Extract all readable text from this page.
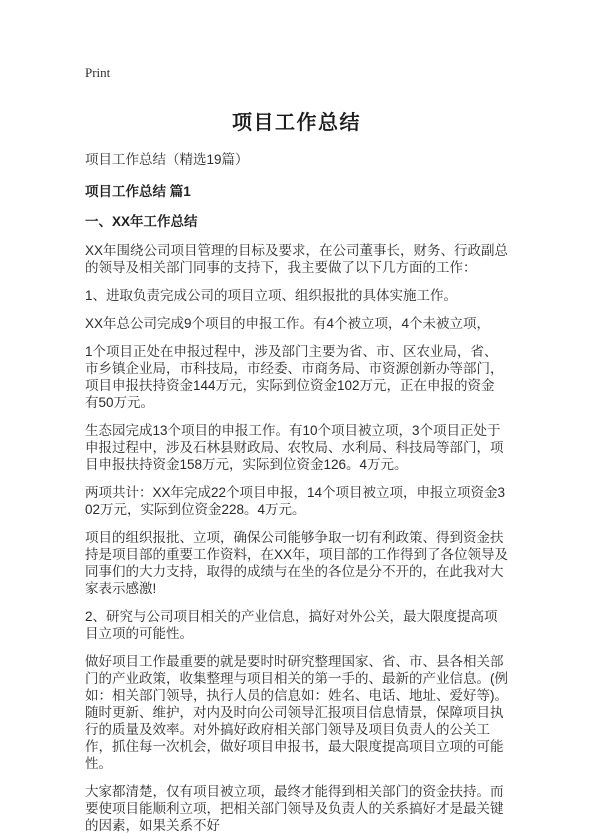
Print
项目工作总结
项目工作总结（精选19篇）
项目工作总结 篇1
一、XX年工作总结

XX年围绕公司项目管理的目标及要求，在公司董事长，财务、行政副总的领导及相关部门同事的支持下，我主要做了以下几方面的工作：

1、进取负责完成公司的项目立项、组织报批的具体实施工作。

XX年总公司完成9个项目的申报工作。有4个被立项，4个未被立项，

1个项目正处在申报过程中，涉及部门主要为省、市、区农业局，省、市乡镇企业局，市科技局，市经委、市商务局、市资源创新办等部门，项目申报扶持资金144万元，实际到位资金102万元，正在申报的资金有50万元。

生态园完成13个项目的申报工作。有10个项目被立项，3个项目正处于申报过程中，涉及石林县财政局、农牧局、水利局、科技局等部门，项目申报扶持资金158万元，实际到位资金126。4万元。

两项共计：XX年完成22个项目申报，14个项目被立项，申报立项资金302万元，实际到位资金228。4万元。

项目的组织报批、立项，确保公司能够争取一切有利政策、得到资金扶持是项目部的重要工作资料，在XX年，项目部的工作得到了各位领导及同事们的大力支持，取得的成绩与在坐的各位是分不开的，在此我对大家表示感激!

2、研究与公司项目相关的产业信息，搞好对外公关，最大限度提高项目立项的可能性。

做好项目工作最重要的就是要时时研究整理国家、省、市、县各相关部门的产业政策，收集整理与项目相关的第一手的、最新的产业信息。(例如：相关部门领导，执行人员的信息如：姓名、电话、地址、爱好等)。随时更新、维护，对内及时向公司领导汇报项目信息情景，保障项目执行的质量及效率。对外搞好政府相关部门领导及项目负责人的公关工作，抓住每一次机会，做好项目申报书，最大限度提高项目立项的可能性。

大家都清楚，仅有项目被立项，最终才能得到相关部门的资金扶持。而要使项目能顺利立项，把相关部门领导及负责人的关系搞好才是最关键的因素，如果关系不好
